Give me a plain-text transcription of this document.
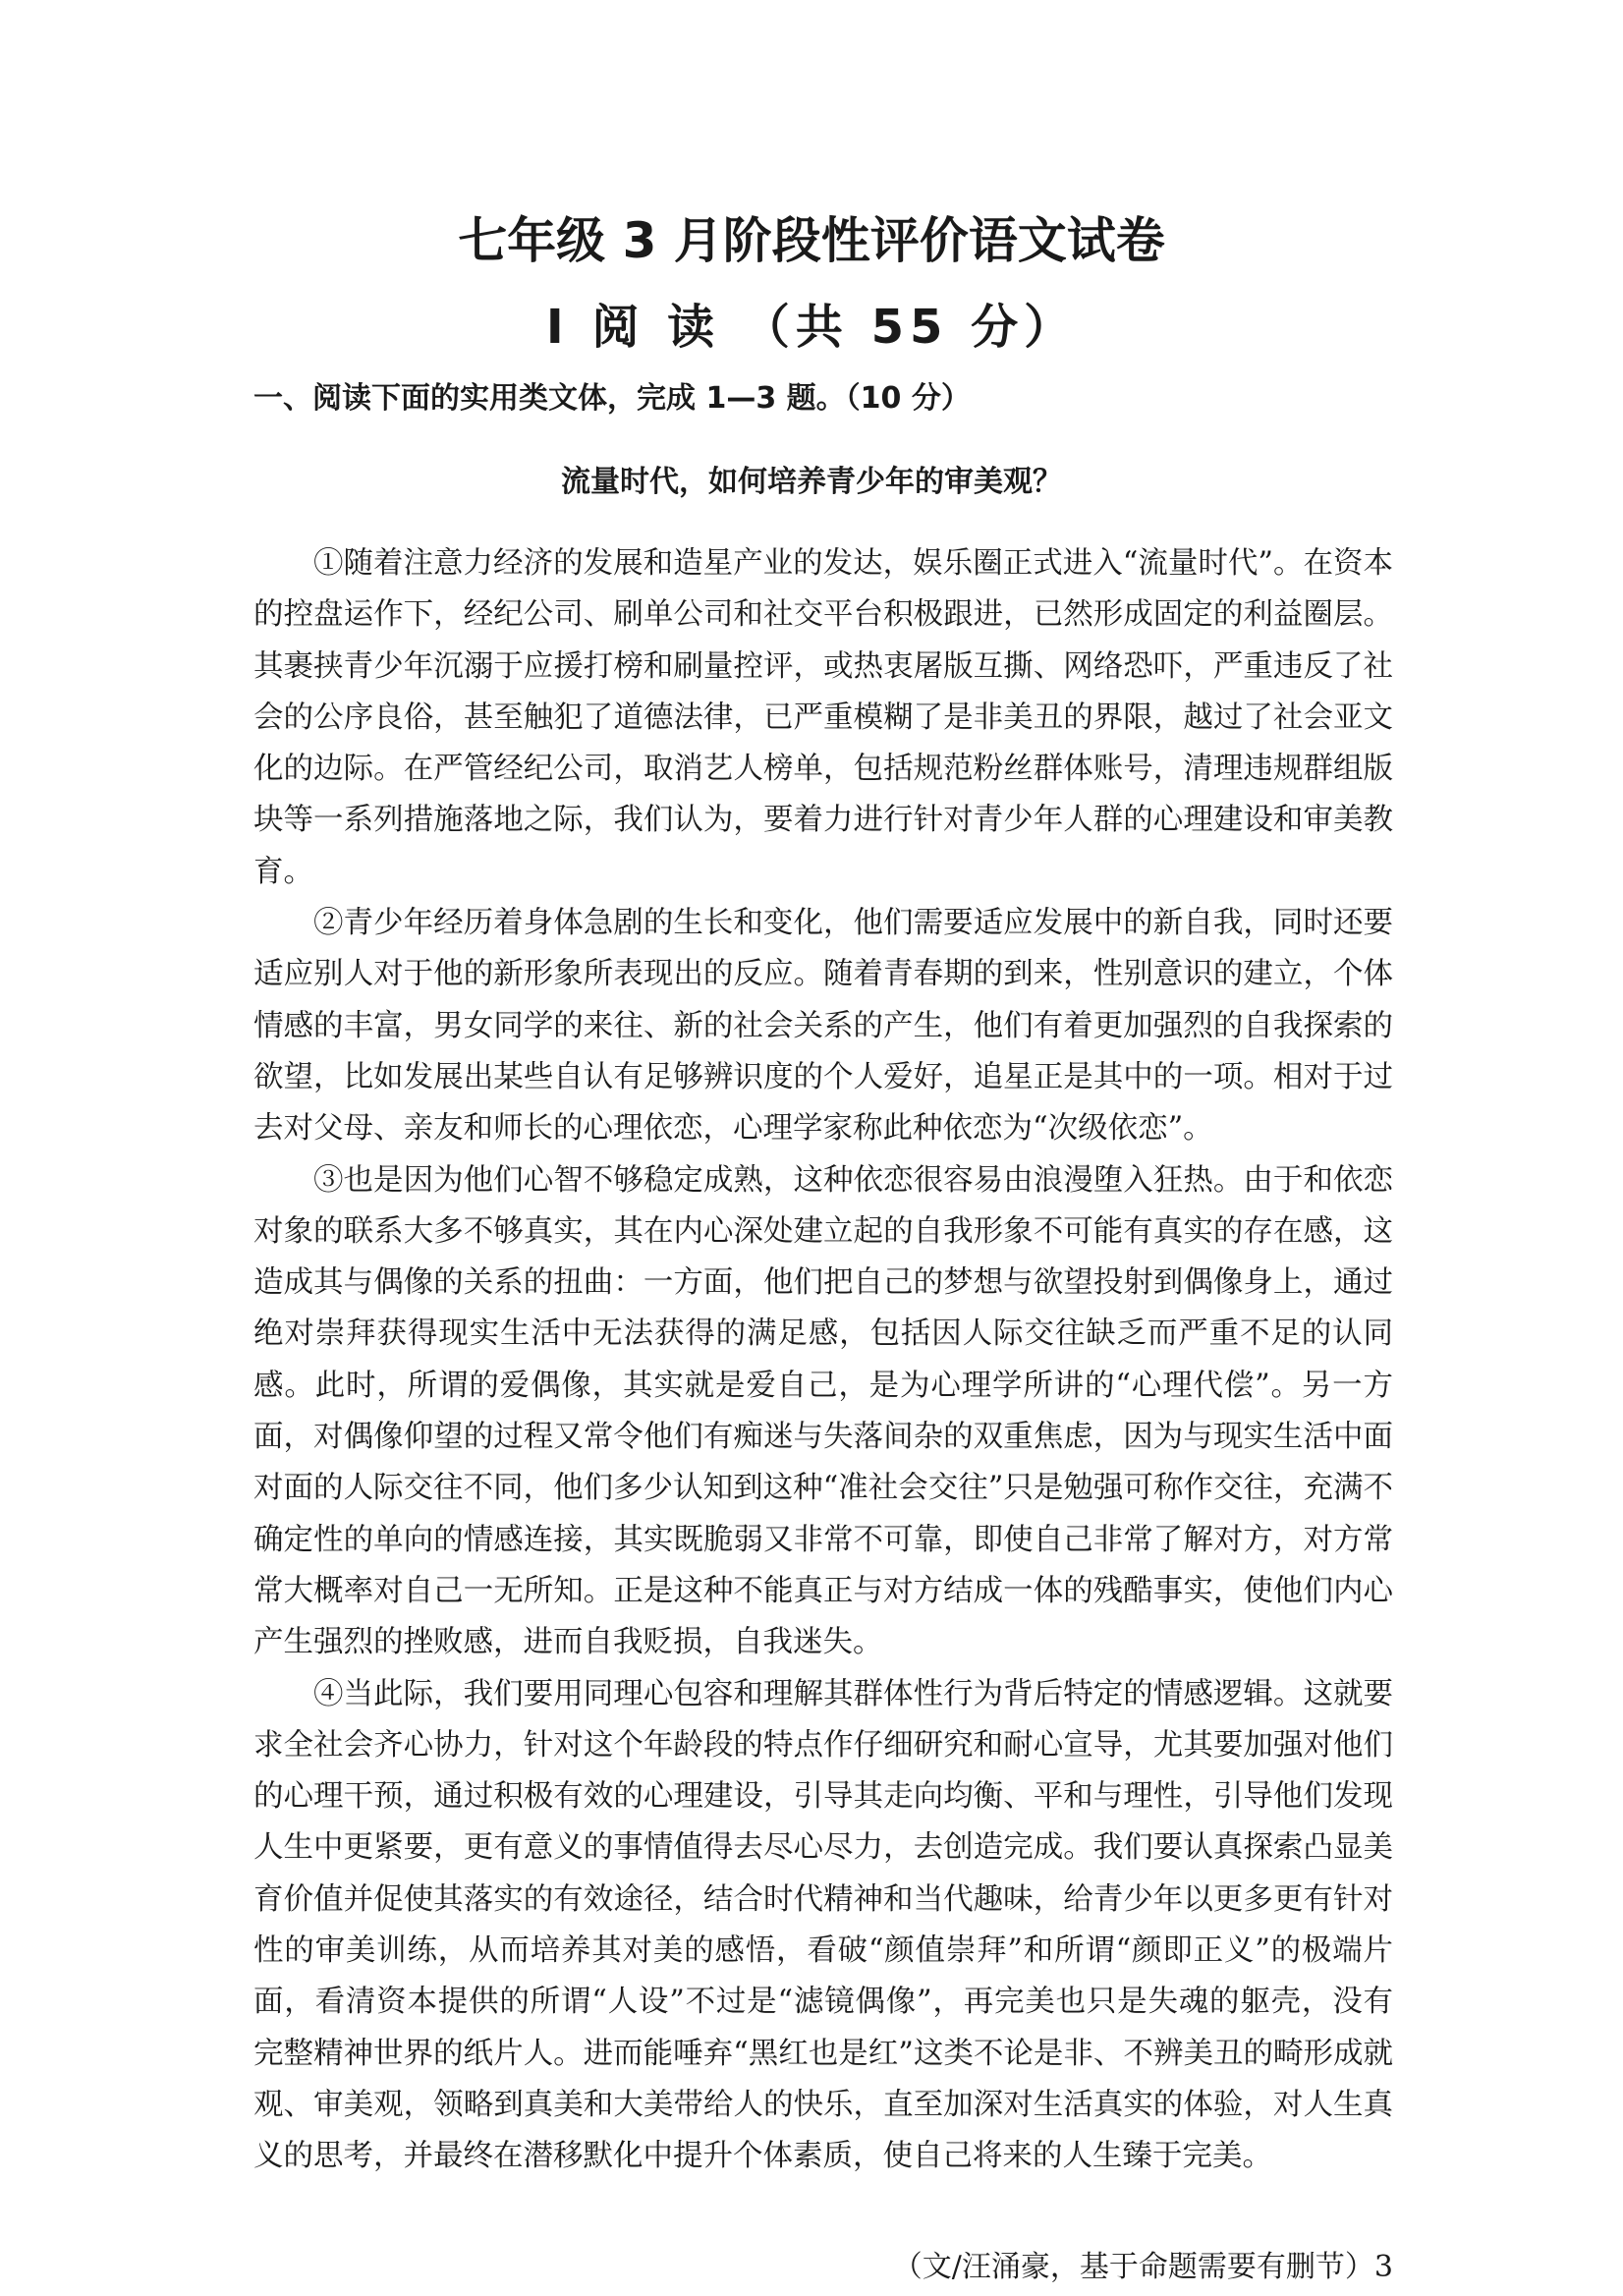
七年级 3 月阶段性评价语文试卷
I 阅 读 （共 55 分）
一、阅读下面的实用类文体，完成 1—3 题。（10 分）
流量时代，如何培养青少年的审美观？

①随着注意力经济的发展和造星产业的发达，娱乐圈正式进入“流量时代”。在资本的控盘运作下，经纪公司、刷单公司和社交平台积极跟进，已然形成固定的利益圈层。其裹挟青少年沉溺于应援打榜和刷量控评，或热衷屠版互撕、网络恐吓，严重违反了社会的公序良俗，甚至触犯了道德法律，已严重模糊了是非美丑的界限，越过了社会亚文化的边际。在严管经纪公司，取消艺人榜单，包括规范粉丝群体账号，清理违规群组版块等一系列措施落地之际，我们认为，要着力进行针对青少年人群的心理建设和审美教育。

②青少年经历着身体急剧的生长和变化，他们需要适应发展中的新自我，同时还要适应别人对于他的新形象所表现出的反应。随着青春期的到来，性别意识的建立，个体情感的丰富，男女同学的来往、新的社会关系的产生，他们有着更加强烈的自我探索的欲望，比如发展出某些自认有足够辨识度的个人爱好，追星正是其中的一项。相对于过去对父母、亲友和师长的心理依恋，心理学家称此种依恋为“次级依恋”。

③也是因为他们心智不够稳定成熟，这种依恋很容易由浪漫堕入狂热。由于和依恋对象的联系大多不够真实，其在内心深处建立起的自我形象不可能有真实的存在感，这造成其与偶像的关系的扭曲：一方面，他们把自己的梦想与欲望投射到偶像身上，通过绝对崇拜获得现实生活中无法获得的满足感，包括因人际交往缺乏而严重不足的认同感。此时，所谓的爱偶像，其实就是爱自己，是为心理学所讲的“心理代偿”。另一方面，对偶像仰望的过程又常令他们有痴迷与失落间杂的双重焦虑，因为与现实生活中面对面的人际交往不同，他们多少认知到这种“准社会交往”只是勉强可称作交往，充满不确定性的单向的情感连接，其实既脆弱又非常不可靠，即使自己非常了解对方，对方常常大概率对自己一无所知。正是这种不能真正与对方结成一体的残酷事实，使他们内心产生强烈的挫败感，进而自我贬损，自我迷失。

④当此际，我们要用同理心包容和理解其群体性行为背后特定的情感逻辑。这就要求全社会齐心协力，针对这个年龄段的特点作仔细研究和耐心宣导，尤其要加强对他们的心理干预，通过积极有效的心理建设，引导其走向均衡、平和与理性，引导他们发现人生中更紧要，更有意义的事情值得去尽心尽力，去创造完成。我们要认真探索凸显美育价值并促使其落实的有效途径，结合时代精神和当代趣味，给青少年以更多更有针对性的审美训练，从而培养其对美的感悟，看破“颜值崇拜”和所谓“颜即正义”的极端片面，看清资本提供的所谓“人设”不过是“滤镜偶像”，再完美也只是失魂的躯壳，没有完整精神世界的纸片人。进而能唾弃“黑红也是红”这类不论是非、不辨美丑的畸形成就观、审美观，领略到真美和大美带给人的快乐，直至加深对生活真实的体验，对人生真义的思考，并最终在潜移默化中提升个体素质，使自己将来的人生臻于完美。

（文/汪涌豪，基于命题需要有删节）3
